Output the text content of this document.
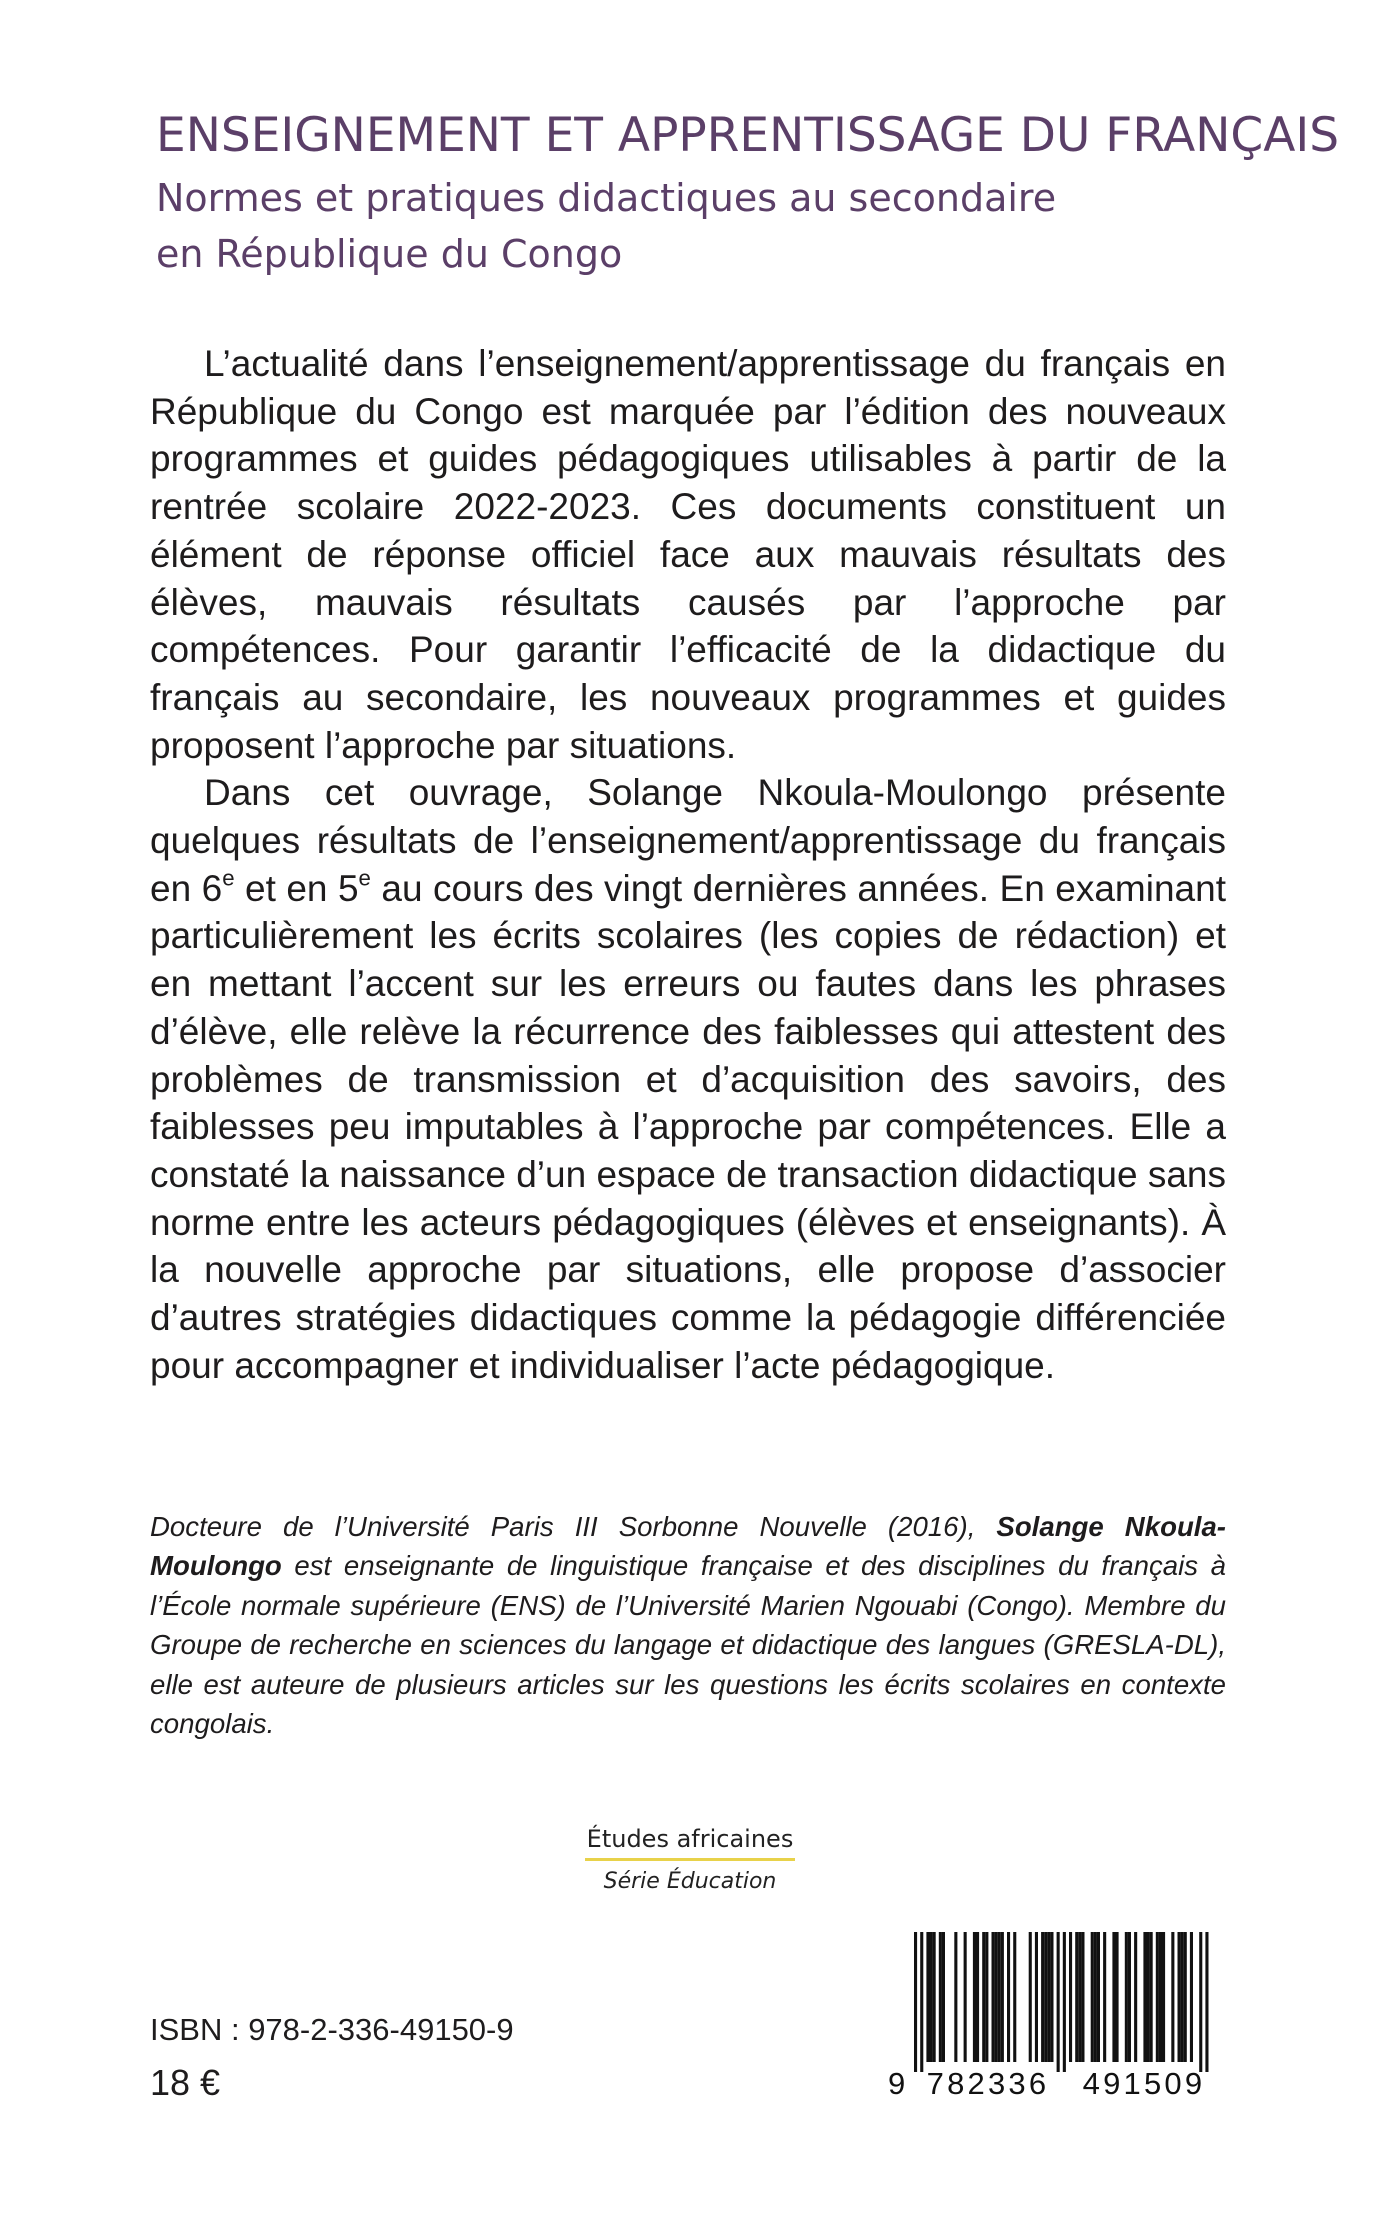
ENSEIGNEMENT ET APPRENTISSAGE DU FRANÇAIS
Normes et pratiques didactiques au secondaire
en République du Congo

L’actualité dans l’enseignement/apprentissage du français en République du Congo est marquée par l’édition des nouveaux programmes et guides pédagogiques utilisables à partir de la rentrée scolaire 2022-2023. Ces documents constituent un élément de réponse officiel face aux mauvais résultats des élèves, mauvais résultats causés par l’approche par compétences. Pour garantir l’efficacité de la didactique du français au secondaire, les nouveaux programmes et guides proposent l’approche par situations.

Dans cet ouvrage, Solange Nkoula-Moulongo présente quelques résultats de l’enseignement/apprentissage du français en 6e et en 5e au cours des vingt dernières années. En examinant particulièrement les écrits scolaires (les copies de rédaction) et en mettant l’accent sur les erreurs ou fautes dans les phrases d’élève, elle relève la récurrence des faiblesses qui attestent des problèmes de transmission et d’acquisition des savoirs, des faiblesses peu imputables à l’approche par compétences. Elle a constaté la naissance d’un espace de transaction didactique sans norme entre les acteurs pédagogiques (élèves et enseignants). À la nouvelle approche par situations, elle propose d’associer d’autres stratégies didactiques comme la pédagogie différenciée pour accompagner et individualiser l’acte pédagogique.

Docteure de l’Université Paris III Sorbonne Nouvelle (2016), Solange Nkoula-Moulongo est enseignante de linguistique française et des disciplines du français à l’École normale supérieure (ENS) de l’Université Marien Ngouabi (Congo). Membre du Groupe de recherche en sciences du langage et didactique des langues (GRESLA-DL), elle est auteure de plusieurs articles sur les questions les écrits scolaires en contexte congolais.
Études africaines
Série Éducation
ISBN : 978-2-336-49150-9
18 €	9 782336	491509
